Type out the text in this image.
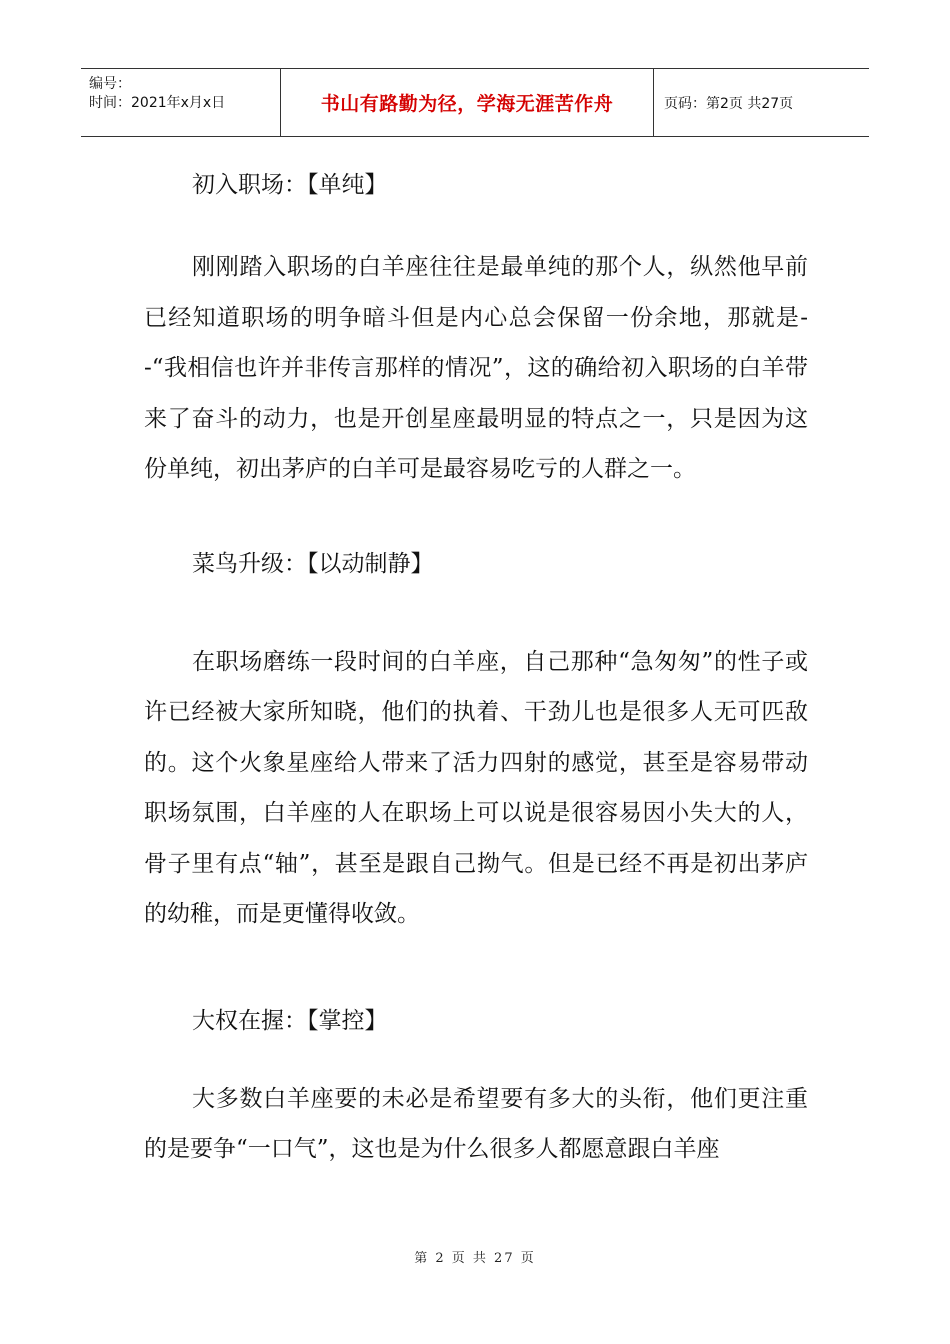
编号：
时间：2021年x月x日	书山有路勤为径，学海无涯苦作舟	页码：第2页 共27页

初入职场：【单纯】

刚刚踏入职场的白羊座往往是最单纯的那个人，纵然他早前已经知道职场的明争暗斗但是内心总会保留一份余地，那就是--“我相信也许并非传言那样的情况”，这的确给初入职场的白羊带来了奋斗的动力，也是开创星座最明显的特点之一，只是因为这份单纯，初出茅庐的白羊可是最容易吃亏的人群之一。

菜鸟升级：【以动制静】

在职场磨练一段时间的白羊座，自己那种“急匆匆”的性子或许已经被大家所知晓，他们的执着、干劲儿也是很多人无可匹敌的。这个火象星座给人带来了活力四射的感觉，甚至是容易带动职场氛围，白羊座的人在职场上可以说是很容易因小失大的人，骨子里有点“轴”，甚至是跟自己拗气。但是已经不再是初出茅庐的幼稚，而是更懂得收敛。

大权在握：【掌控】

大多数白羊座要的未必是希望要有多大的头衔，他们更注重的是要争“一口气”，这也是为什么很多人都愿意跟白羊座

第 2 页 共 27 页
